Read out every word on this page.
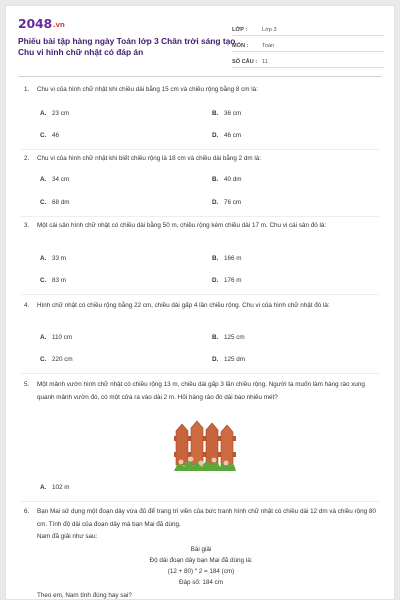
2048.vn
Phiếu bài tập hàng ngày Toán lớp 3 Chân trời sáng tạo Chu vi hình chữ nhật có đáp án
LỚP :	Lớp 3
MÔN :	Toán
SỐ CÂU : 11
1. Chu vi của hình chữ nhật khi chiều dài bằng 15 cm và chiều rộng bằng 8 cm là:
A. 23 cm	B. 36 cm
C. 46	D. 46 cm
2. Chu vi của hình chữ nhật khi biết chiều rộng là 18 cm và chiều dài bằng 2 dm là:
A. 34 cm	B. 40 dm
C. 68 dm	D. 76 cm
3. Một cái sân hình chữ nhật có chiều dài bằng 50 m, chiều rộng kém chiều dài 17 m. Chu vi cái sân đó là:
A. 33 m	B. 166 m
C. 83 m	D. 176 m
4. Hình chữ nhật có chiều rộng bằng 22 cm, chiều dài gấp 4 lần chiều rộng. Chu vi của hình chữ nhật đó là:
A. 110 cm	B. 125 cm
C. 220 cm	D. 125 dm
5. Một mảnh vườn hình chữ nhật có chiều rộng 13 m, chiều dài gấp 3 lần chiều rộng. Người ta muốn làm hàng rào xung quanh mảnh vườn đó, có một cửa ra vào dài 2 m. Hỏi hàng rào đó dài bao nhiêu mét?
A. 102 m
6. Bạn Mai sử dụng một đoạn dây vừa đủ để trang trí viền của bức tranh hình chữ nhật có chiều dài 12 dm và chiều rộng 80 cm. Tính độ dài của đoạn dây mà bạn Mai đã dùng.
Nam đã giải như sau:
Bài giải
Độ dài đoạn dây bạn Mai đã dùng là:
(12 + 80) ˟ 2 = 184 (cm)
Đáp số: 184 cm
Theo em, Nam tính đúng hay sai?
